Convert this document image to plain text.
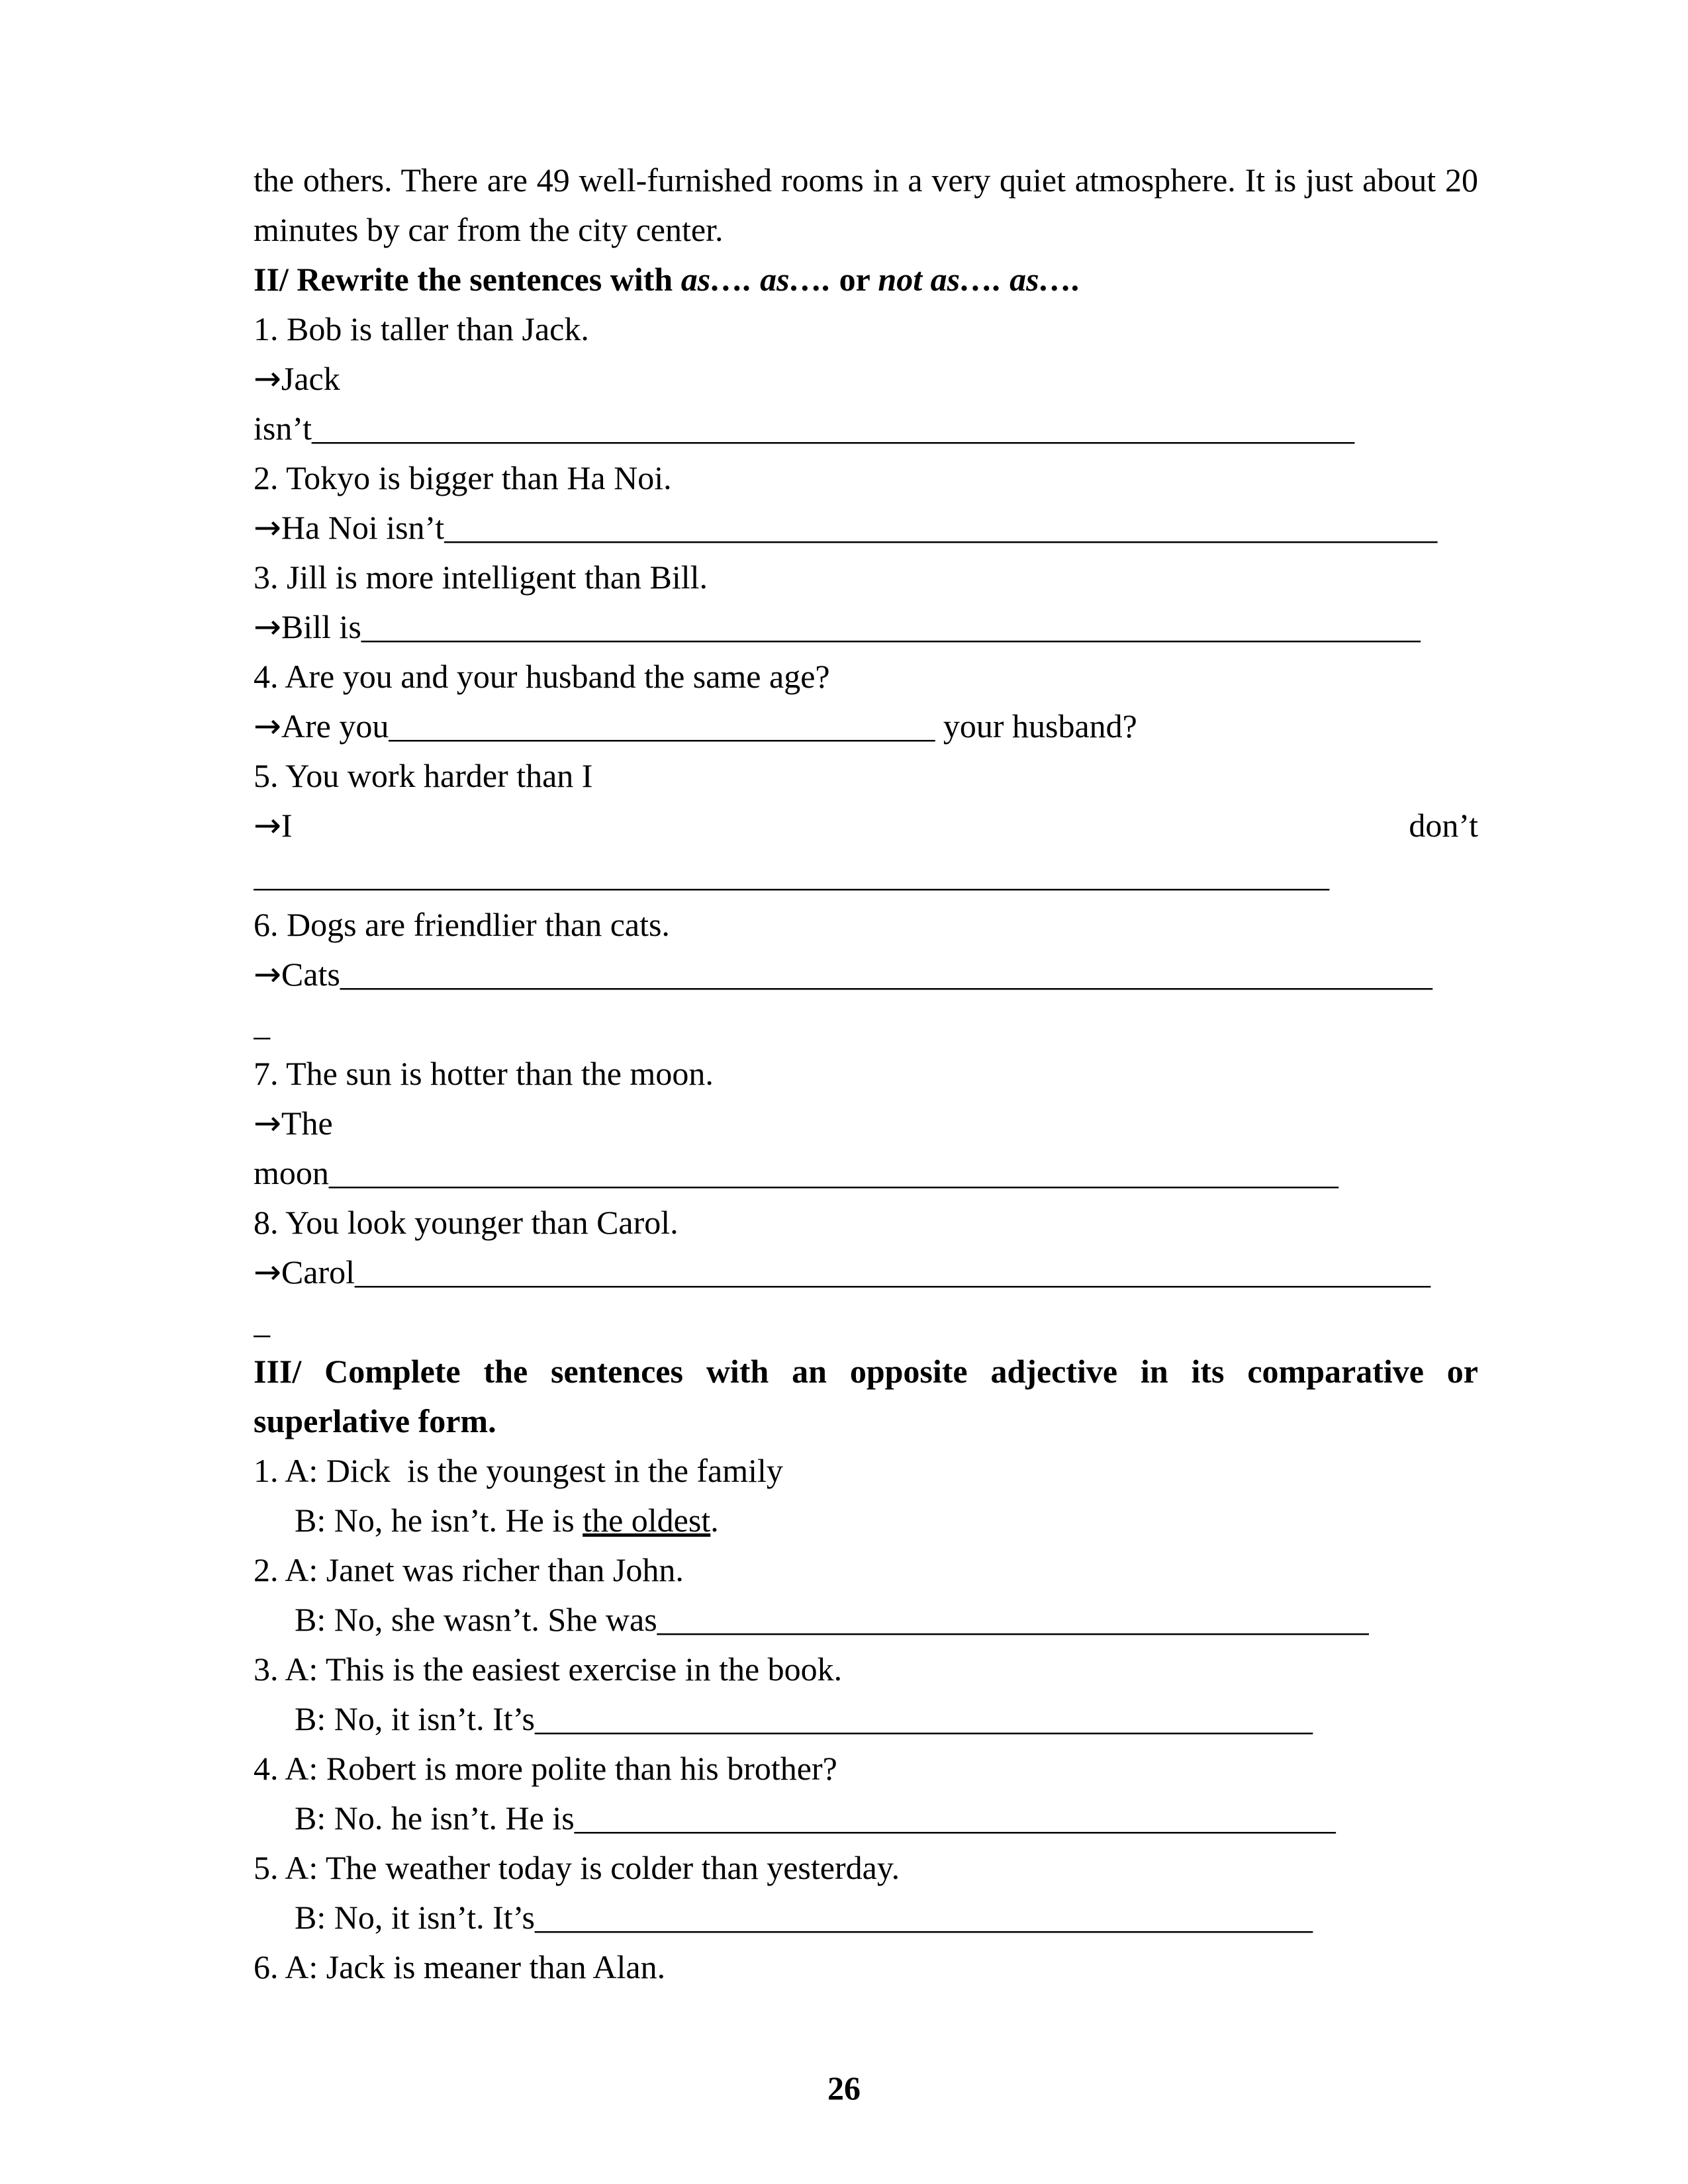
the others. There are 49 well-furnished rooms in a very quiet atmosphere. It is just about 20 minutes by car from the city center.

II/ Rewrite the sentences with as…. as…. or not as…. as….
1. Bob is taller than Jack.
→Jack
isn’t_______________________________________________________________
2. Tokyo is bigger than Ha Noi.
→Ha Noi isn’t____________________________________________________________
3. Jill is more intelligent than Bill.
→Bill is________________________________________________________________
4. Are you and your husband the same age?
→Are you_________________________________ your husband?
5. You work harder than I
→I	don’t
_________________________________________________________________
6. Dogs are friendlier than cats.
→Cats__________________________________________________________________
_
7. The sun is hotter than the moon.
→The
moon_____________________________________________________________
8. You look younger than Carol.
→Carol_________________________________________________________________
_

III/ Complete the sentences with an opposite adjective in its comparative or superlative form.

1. A: Dick  is the youngest in the family
B: No, he isn’t. He is the oldest.
2. A: Janet was richer than John.
B: No, she wasn’t. She was___________________________________________
3. A: This is the easiest exercise in the book.
B: No, it isn’t. It’s_______________________________________________
4. A: Robert is more polite than his brother?
B: No. he isn’t. He is______________________________________________
5. A: The weather today is colder than yesterday.
B: No, it isn’t. It’s_______________________________________________
6. A: Jack is meaner than Alan.
26
